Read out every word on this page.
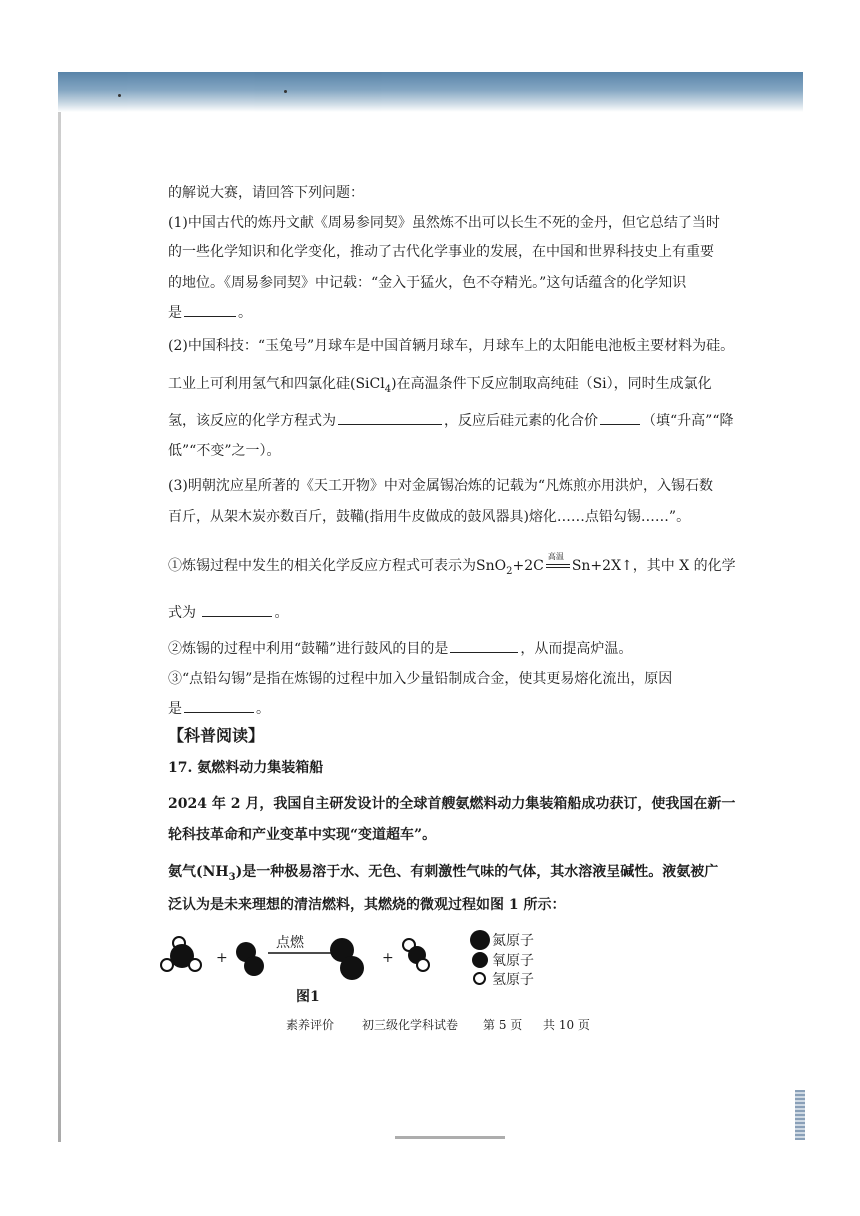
的解说大赛，请回答下列问题：
(1)中国古代的炼丹文献《周易参同契》虽然炼不出可以长生不死的金丹，但它总结了当时
的一些化学知识和化学变化，推动了古代化学事业的发展，在中国和世界科技史上有重要
的地位。《周易参同契》中记载：“金入于猛火，色不夺精光。”这句话蕴含的化学知识
是	。
(2)中国科技：“玉兔号”月球车是中国首辆月球车，月球车上的太阳能电池板主要材料为硅。
工业上可利用氢气和四氯化硅(SiCl$_4$)在高温条件下反应制取高纯硅（Si），同时生成氯化
氢，该反应的化学方程式为	，反应后硅元素的化合价	（填“升高”“降
低”“不变”之一）。
(3)明朝沈应星所著的《天工开物》中对金属锡冶炼的记载为“凡炼煎亦用洪炉，入锡石数
百斤，从架木炭亦数百斤，鼓鞴(指用牛皮做成的鼓风器具)熔化……点铅勾锡……”。
①炼锡过程中发生的相关化学反应方程式可表示为SnO$_2$+2C
高温
Sn+2X↑，其中 X 的化学
式为	。
②炼锡的过程中利用“鼓鞴”进行鼓风的目的是	，从而提高炉温。
③“点铅勾锡”是指在炼锡的过程中加入少量铅制成合金，使其更易熔化流出，原因
是	。
【科普阅读】
17. 氨燃料动力集装箱船
2024 年 2 月，我国自主研发设计的全球首艘氨燃料动力集装箱船成功获订，使我国在新一
轮科技革命和产业变革中实现“变道超车”。
氨气$(NH_3)$是一种极易溶于水、无色、有刺激性气味的气体，其水溶液呈碱性。液氨被广
泛认为是未来理想的清洁燃料，其燃烧的微观过程如图 1 所示：
+
点燃
+
氮原子
氧原子
氢原子
图1
素养评价 初三级化学科试卷 第 5 页 共 10 页
